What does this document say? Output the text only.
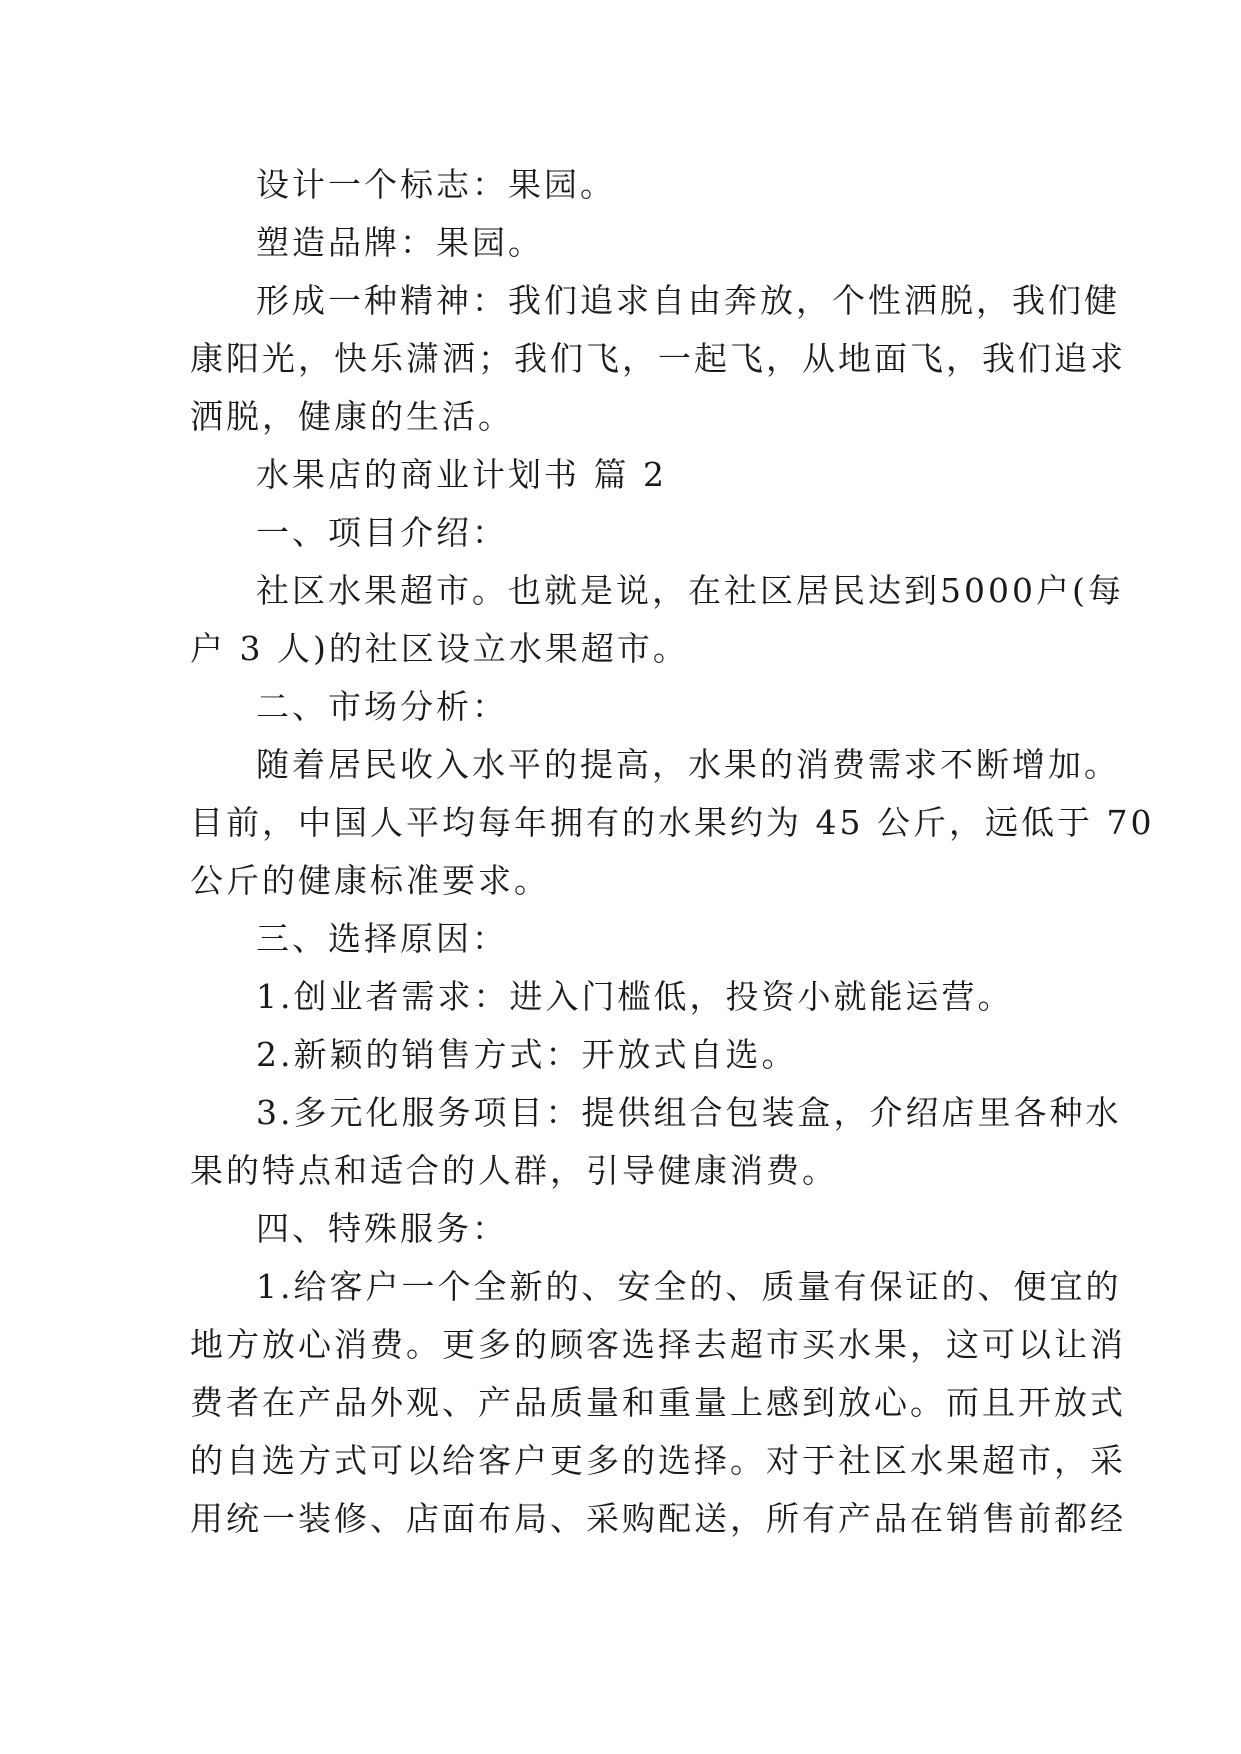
设计一个标志：果园。
塑造品牌：果园。
形成一种精神：我们追求自由奔放，个性洒脱，我们健
康阳光，快乐潇洒；我们飞，一起飞，从地面飞，我们追求
洒脱，健康的生活。
水果店的商业计划书 篇 2
一、项目介绍：
社区水果超市。也就是说，在社区居民达到5000户(每
户 3 人)的社区设立水果超市。
二、市场分析：
随着居民收入水平的提高，水果的消费需求不断增加。
目前，中国人平均每年拥有的水果约为 45 公斤，远低于 70
公斤的健康标准要求。
三、选择原因：
1.创业者需求：进入门槛低，投资小就能运营。
2.新颖的销售方式：开放式自选。
3.多元化服务项目：提供组合包装盒，介绍店里各种水
果的特点和适合的人群，引导健康消费。
四、特殊服务：
1.给客户一个全新的、安全的、质量有保证的、便宜的
地方放心消费。更多的顾客选择去超市买水果，这可以让消
费者在产品外观、产品质量和重量上感到放心。而且开放式
的自选方式可以给客户更多的选择。对于社区水果超市，采
用统一装修、店面布局、采购配送，所有产品在销售前都经
